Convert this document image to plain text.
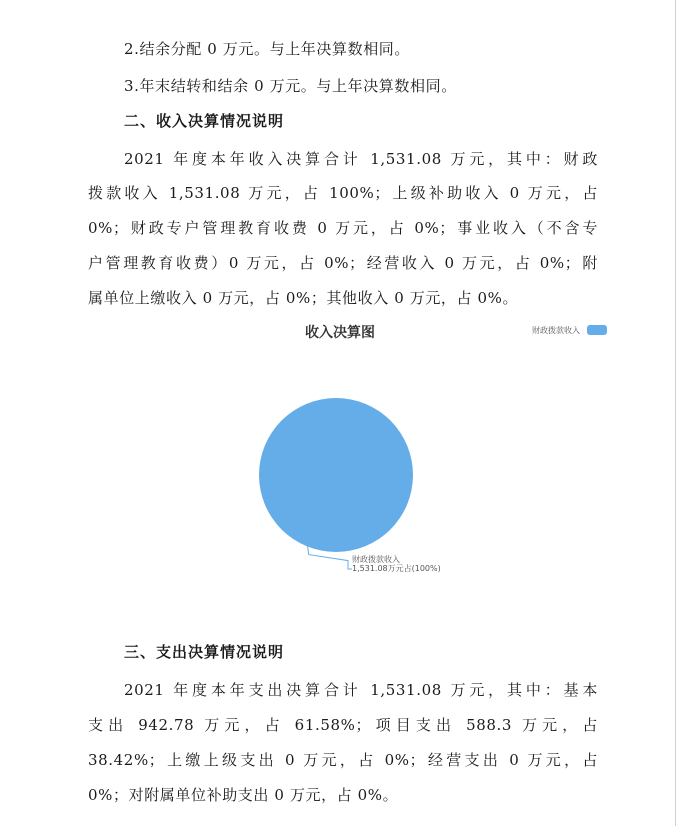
2.结余分配 0 万元。与上年决算数相同。
3.年末结转和结余 0 万元。与上年决算数相同。
二、收入决算情况说明
2021 年度本年收入决算合计 1,531.08 万元，其中：财政
拨款收入 1,531.08 万元，占 100%；上级补助收入 0 万元，占
0%；财政专户管理教育收费 0 万元，占 0%；事业收入（不含专
户管理教育收费）0 万元，占 0%；经营收入 0 万元，占 0%；附
属单位上缴收入 0 万元，占 0%；其他收入 0 万元，占 0%。
收入决算图	财政拨款收入
财政拨款收入
1,531.08万元占(100%)
三、支出决算情况说明
2021 年度本年支出决算合计 1,531.08 万元，其中：基本
支出 942.78 万元，占 61.58%；项目支出 588.3 万元，占
38.42%；上缴上级支出 0 万元，占 0%；经营支出 0 万元，占
0%；对附属单位补助支出 0 万元，占 0%。
